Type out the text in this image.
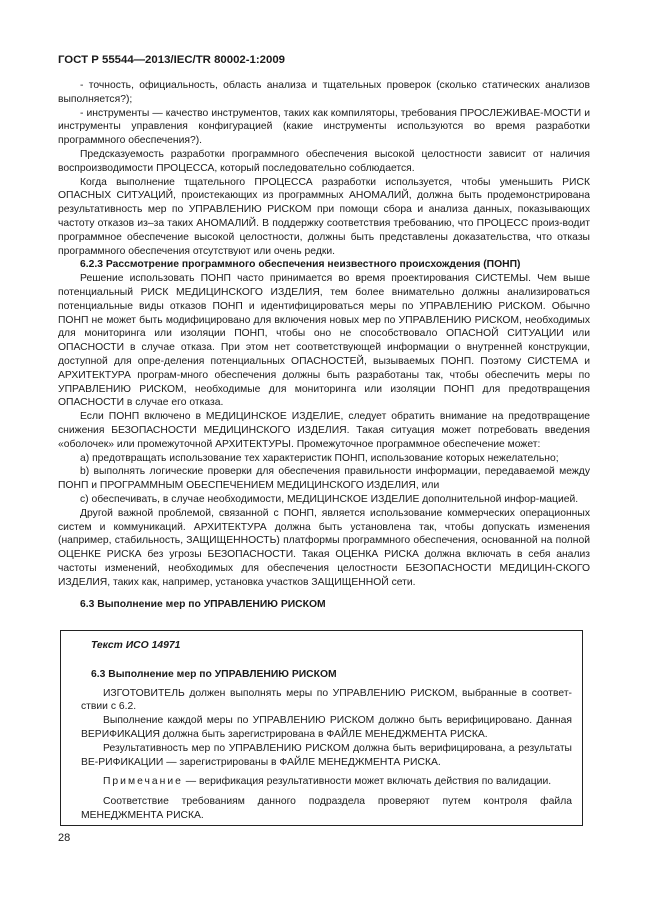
ГОСТ Р 55544—2013/IEC/TR 80002-1:2009

- точность, официальность, область анализа и тщательных проверок (сколько статических анализов выполняется?);

- инструменты — качество инструментов, таких как компиляторы, требования ПРОСЛЕЖИВАЕ-МОСТИ и инструменты управления конфигурацией (какие инструменты используются во время разработки программного обеспечения?).

Предсказуемость разработки программного обеспечения высокой целостности зависит от наличия воспроизводимости ПРОЦЕССА, который последовательно соблюдается.

Когда выполнение тщательного ПРОЦЕССА разработки используется, чтобы уменьшить РИСК ОПАСНЫХ СИТУАЦИЙ, проистекающих из программных АНОМАЛИЙ, должна быть продемонстрирована результативность мер по УПРАВЛЕНИЮ РИСКОМ при помощи сбора и анализа данных, показывающих частоту отказов из–за таких АНОМАЛИЙ. В поддержку соответствия требованию, что ПРОЦЕСС произ-водит программное обеспечение высокой целостности, должны быть представлены доказательства, что отказы программного обеспечения отсутствуют или очень редки.

6.2.3 Рассмотрение программного обеспечения неизвестного происхождения (ПОНП)

Решение использовать ПОНП часто принимается во время проектирования СИСТЕМЫ. Чем выше потенциальный РИСК МЕДИЦИНСКОГО ИЗДЕЛИЯ, тем более внимательно должны анализироваться потенциальные виды отказов ПОНП и идентифицироваться меры по УПРАВЛЕНИЮ РИСКОМ. Обычно ПОНП не может быть модифицировано для включения новых мер по УПРАВЛЕНИЮ РИСКОМ, необходимых для мониторинга или изоляции ПОНП, чтобы оно не способствовало ОПАСНОЙ СИТУАЦИИ или ОПАСНОСТИ в случае отказа. При этом нет соответствующей информации о внутренней конструкции, доступной для опре-деления потенциальных ОПАСНОСТЕЙ, вызываемых ПОНП. Поэтому СИСТЕМА и АРХИТЕКТУРА програм-много обеспечения должны быть разработаны так, чтобы обеспечить меры по УПРАВЛЕНИЮ РИСКОМ, необходимые для мониторинга или изоляции ПОНП для предотвращения ОПАСНОСТИ в случае его отказа.

Если ПОНП включено в МЕДИЦИНСКОЕ ИЗДЕЛИЕ, следует обратить внимание на предотвращение снижения БЕЗОПАСНОСТИ МЕДИЦИНСКОГО ИЗДЕЛИЯ. Такая ситуация может потребовать введения «оболочек» или промежуточной АРХИТЕКТУРЫ. Промежуточное программное обеспечение может:

a) предотвращать использование тех характеристик ПОНП, использование которых нежелательно;

b) выполнять логические проверки для обеспечения правильности информации, передаваемой между ПОНП и ПРОГРАММНЫМ ОБЕСПЕЧЕНИЕМ МЕДИЦИНСКОГО ИЗДЕЛИЯ, или

c) обеспечивать, в случае необходимости, МЕДИЦИНСКОЕ ИЗДЕЛИЕ дополнительной инфор-мацией.

Другой важной проблемой, связанной с ПОНП, является использование коммерческих операционных систем и коммуникаций. АРХИТЕКТУРА должна быть установлена так, чтобы допускать изменения (например, стабильность, ЗАЩИЩЕННОСТЬ) платформы программного обеспечения, основанной на полной ОЦЕНКЕ РИСКА без угрозы БЕЗОПАСНОСТИ. Такая ОЦЕНКА РИСКА должна включать в себя анализ частоты изменений, необходимых для обеспечения целостности БЕЗОПАСНОСТИ МЕДИЦИН-СКОГО ИЗДЕЛИЯ, таких как, например, установка участков ЗАЩИЩЕННОЙ сети.

6.3 Выполнение мер по УПРАВЛЕНИЮ РИСКОМ

Текст ИСО 14971

6.3 Выполнение мер по УПРАВЛЕНИЮ РИСКОМ

ИЗГОТОВИТЕЛЬ должен выполнять меры по УПРАВЛЕНИЮ РИСКОМ, выбранные в соответ-ствии с 6.2.

Выполнение каждой меры по УПРАВЛЕНИЮ РИСКОМ должно быть верифицировано. Данная ВЕРИФИКАЦИЯ должна быть зарегистрирована в ФАЙЛЕ МЕНЕДЖМЕНТА РИСКА.

Результативность мер по УПРАВЛЕНИЮ РИСКОМ должна быть верифицирована, а результаты ВЕ-РИФИКАЦИИ — зарегистрированы в ФАЙЛЕ МЕНЕДЖМЕНТА РИСКА.

Примечание — верификация результативности может включать действия по валидации.

Соответствие требованиям данного подраздела проверяют путем контроля файла МЕНЕДЖМЕНТА РИСКА.

28
